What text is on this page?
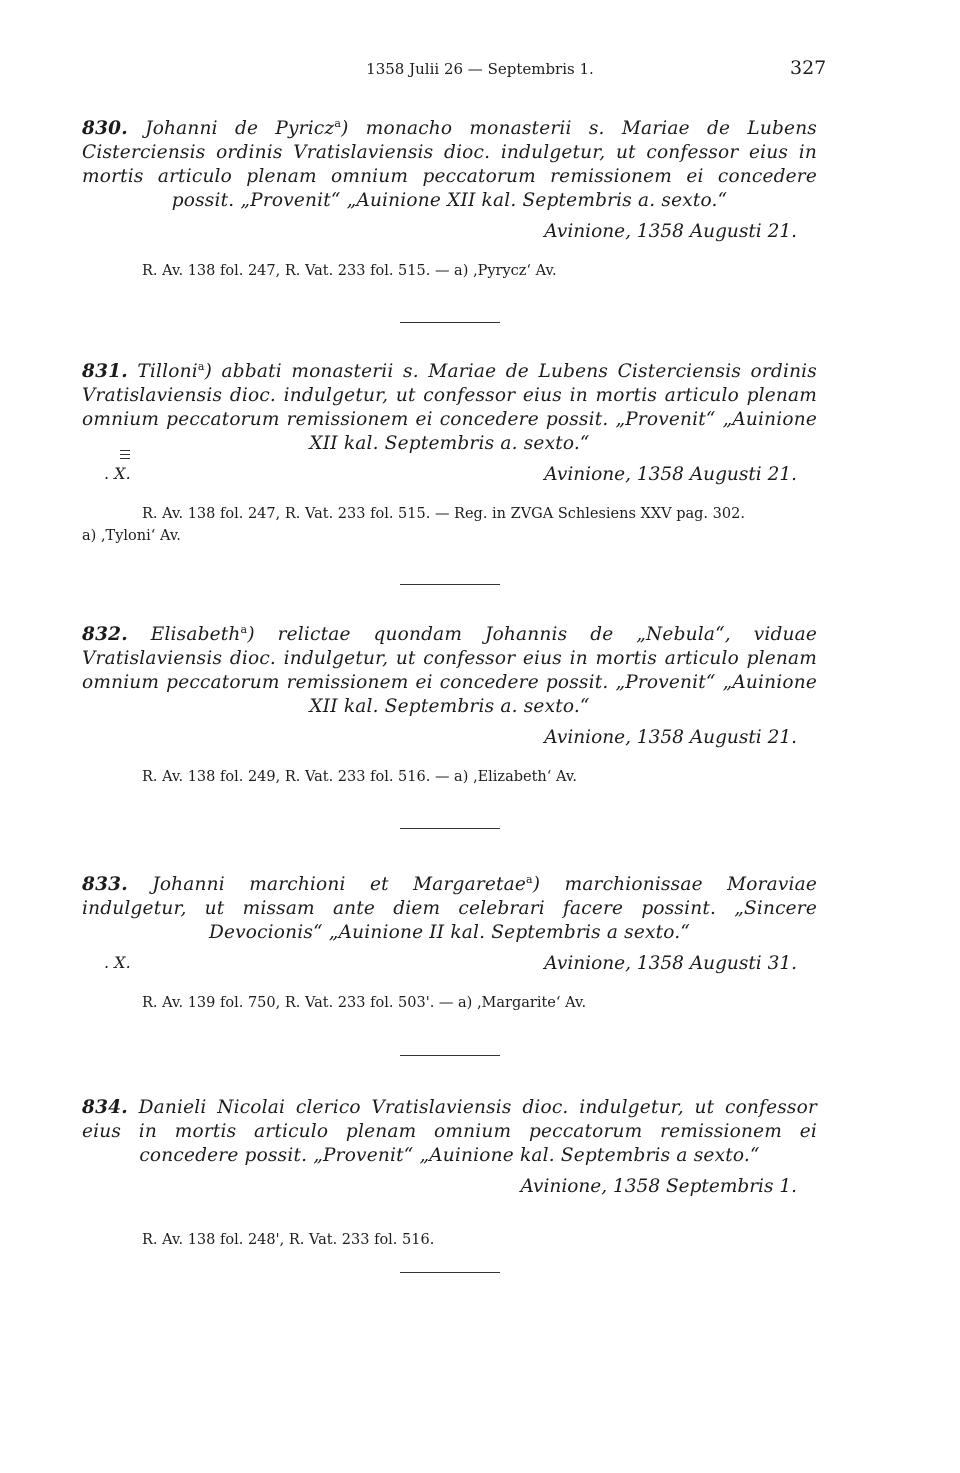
1358 Julii 26 — Septembris 1.	327

830. Johanni de Pyricz$^a$) monacho monasterii s. Mariae de Lubens Cisterciensis ordinis Vratislaviensis dioc. indulgetur, ut confessor eius in mortis articulo plenam omnium peccatorum remissionem ei concedere possit. „Provenit“ „Auinione XII kal. Septembris a. sexto.“

Avinione, 1358 Augusti 21.
R. Av. 138 fol. 247, R. Vat. 233 fol. 515. — a) ‚Pyrycz‘ Av.

831. Tilloni$^a$) abbati monasterii s. Mariae de Lubens Cisterciensis ordinis Vratislaviensis dioc. indulgetur, ut confessor eius in mortis articulo plenam omnium peccatorum remissionem ei concedere possit. „Provenit“ „Auinione XII kal. Septembris a. sexto.“

. X.	Avinione, 1358 Augusti 21.
R. Av. 138 fol. 247, R. Vat. 233 fol. 515. — Reg. in ZVGA Schlesiens XXV pag. 302.
a) ‚Tyloni‘ Av.

832. Elisabeth$^a$) relictae quondam Johannis de „Nebula“, viduae Vratislaviensis dioc. indulgetur, ut confessor eius in mortis articulo plenam omnium peccatorum remissionem ei concedere possit. „Provenit“ „Auinione XII kal. Septembris a. sexto.“

Avinione, 1358 Augusti 21.
R. Av. 138 fol. 249, R. Vat. 233 fol. 516. — a) ‚Elizabeth‘ Av.

833. Johanni marchioni et Margaretae$^a$) marchionissae Moraviae indulgetur, ut missam ante diem celebrari facere possint. „Sincere Devocionis“ „Auinione II kal. Septembris a sexto.“

. X.	Avinione, 1358 Augusti 31.
R. Av. 139 fol. 750, R. Vat. 233 fol. 503'. — a) ‚Margarite‘ Av.

834. Danieli Nicolai clerico Vratislaviensis dioc. indulgetur, ut confessor eius in mortis articulo plenam omnium peccatorum remissionem ei concedere possit. „Provenit“ „Auinione kal. Septembris a sexto.“

Avinione, 1358 Septembris 1.
R. Av. 138 fol. 248', R. Vat. 233 fol. 516.
